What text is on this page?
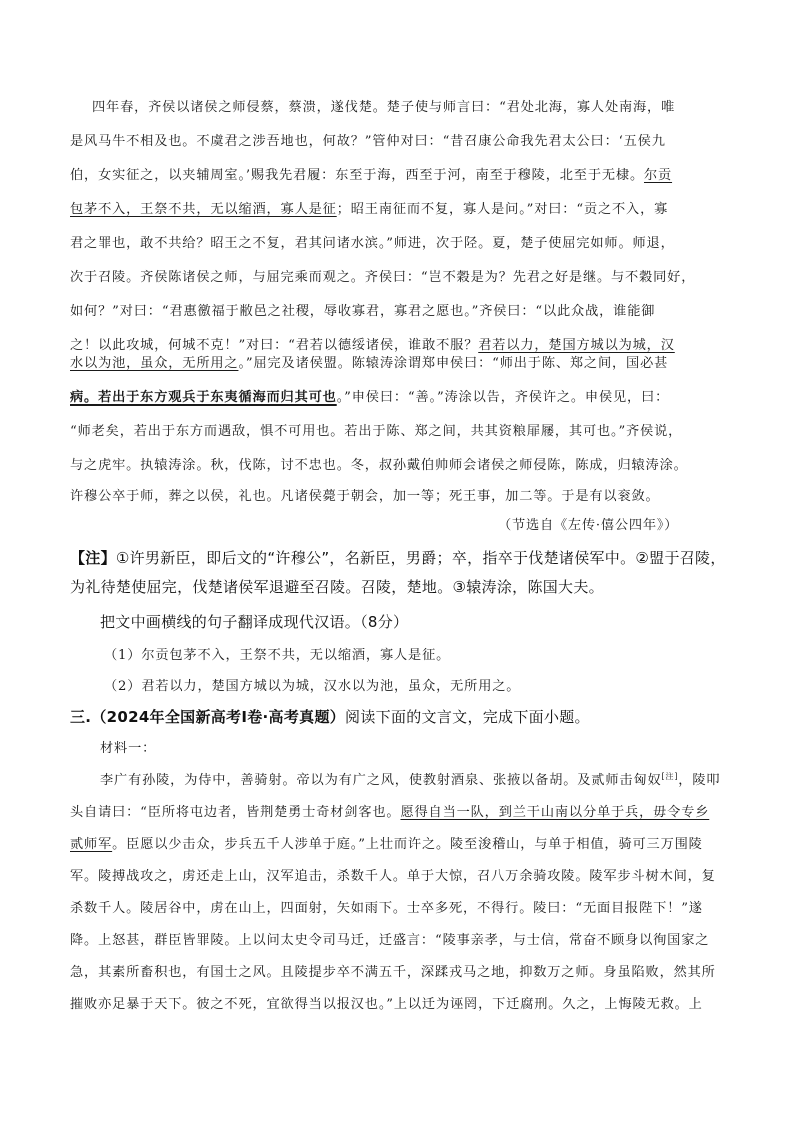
四年春，齐侯以诸侯之师侵蔡，蔡溃，遂伐楚。楚子使与师言曰：“君处北海，寡人处南海，唯
是风马牛不相及也。不虞君之涉吾地也，何故？”管仲对曰：“昔召康公命我先君太公曰：‘五侯九
伯，女实征之，以夹辅周室。’赐我先君履：东至于海，西至于河，南至于穆陵，北至于无棣。尔贡
包茅不入，王祭不共，无以缩酒，寡人是征；昭王南征而不复，寡人是问。”对曰：“贡之不入，寡
君之罪也，敢不共给？昭王之不复，君其问诸水滨。”师进，次于陉。夏，楚子使屈完如师。师退，
次于召陵。齐侯陈诸侯之师，与屈完乘而观之。齐侯曰：“岂不穀是为？先君之好是继。与不穀同好，
如何？”对曰：“君惠徼福于敝邑之社稷，辱收寡君，寡君之愿也。”齐侯曰：“以此众战，谁能御
之！以此攻城，何城不克！”对曰：“君若以德绥诸侯，谁敢不服？君若以力，楚国方城以为城，汉
水以为池，虽众，无所用之。”屈完及诸侯盟。陈辕涛涂谓郑申侯曰：“师出于陈、郑之间，国必甚
病。若出于东方观兵于东夷循海而归其可也。”申侯曰：“善。”涛涂以告，齐侯许之。申侯见，曰：
“师老矣，若出于东方而遇敌，惧不可用也。若出于陈、郑之间，共其资粮屝屦，其可也。”齐侯说，
与之虎牢。执辕涛涂。秋，伐陈，讨不忠也。冬，叔孙戴伯帅师会诸侯之师侵陈，陈成，归辕涛涂。
许穆公卒于师，葬之以侯，礼也。凡诸侯薨于朝会，加一等；死王事，加二等。于是有以衮敛。
（节选自《左传·僖公四年》）
【注】①许男新臣，即后文的“许穆公”，名新臣，男爵；卒，指卒于伐楚诸侯军中。②盟于召陵，
为礼待楚使屈完，伐楚诸侯军退避至召陵。召陵，楚地。③辕涛涂，陈国大夫。
把文中画横线的句子翻译成现代汉语。（8分）
（1）尔贡包茅不入，王祭不共，无以缩酒，寡人是征。
（2）君若以力，楚国方城以为城，汉水以为池，虽众，无所用之。
三.（2024年全国新高考Ⅰ卷·高考真题）阅读下面的文言文，完成下面小题。
材料一：
李广有孙陵，为侍中，善骑射。帝以为有广之风，使教射酒泉、张掖以备胡。及贰师击匈奴[注]，陵叩
头自请曰：“臣所将屯边者，皆荆楚勇士奇材剑客也。愿得自当一队，到兰干山南以分单于兵，毋令专乡
贰师军。臣愿以少击众，步兵五千人涉单于庭。”上壮而许之。陵至浚稽山，与单于相值，骑可三万围陵
军。陵搏战攻之，虏还走上山，汉军追击，杀数千人。单于大惊，召八万余骑攻陵。陵军步斗树木间，复
杀数千人。陵居谷中，虏在山上，四面射，矢如雨下。士卒多死，不得行。陵曰：“无面目报陛下！”遂
降。上怒甚，群臣皆罪陵。上以问太史令司马迁，迁盛言：“陵事亲孝，与士信，常奋不顾身以徇国家之
急，其素所畜积也，有国士之风。且陵提步卒不满五千，深蹂戎马之地，抑数万之师。身虽陷败，然其所
摧败亦足暴于天下。彼之不死，宜欲得当以报汉也。”上以迁为诬罔，下迁腐刑。久之，上悔陵无救。上
